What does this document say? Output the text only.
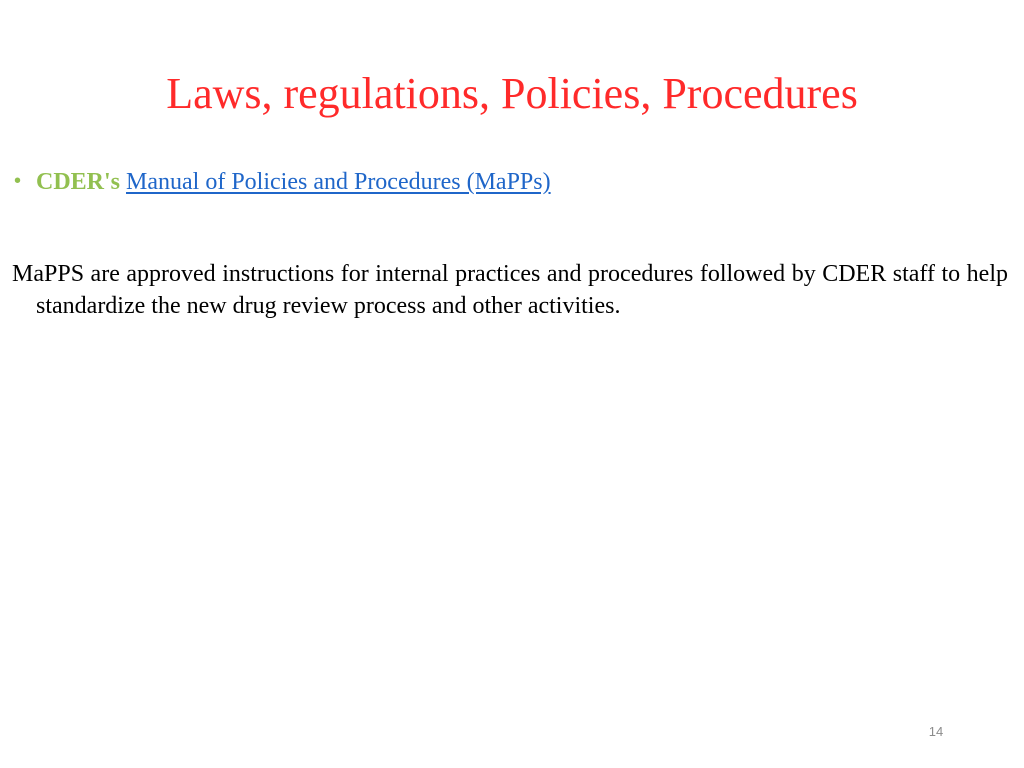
Laws, regulations, Policies, Procedures
• CDER's Manual of Policies and Procedures (MaPPs)

MaPPS are approved instructions for internal practices and procedures followed by CDER staff to help standardize the new drug review process and other activities.

14
